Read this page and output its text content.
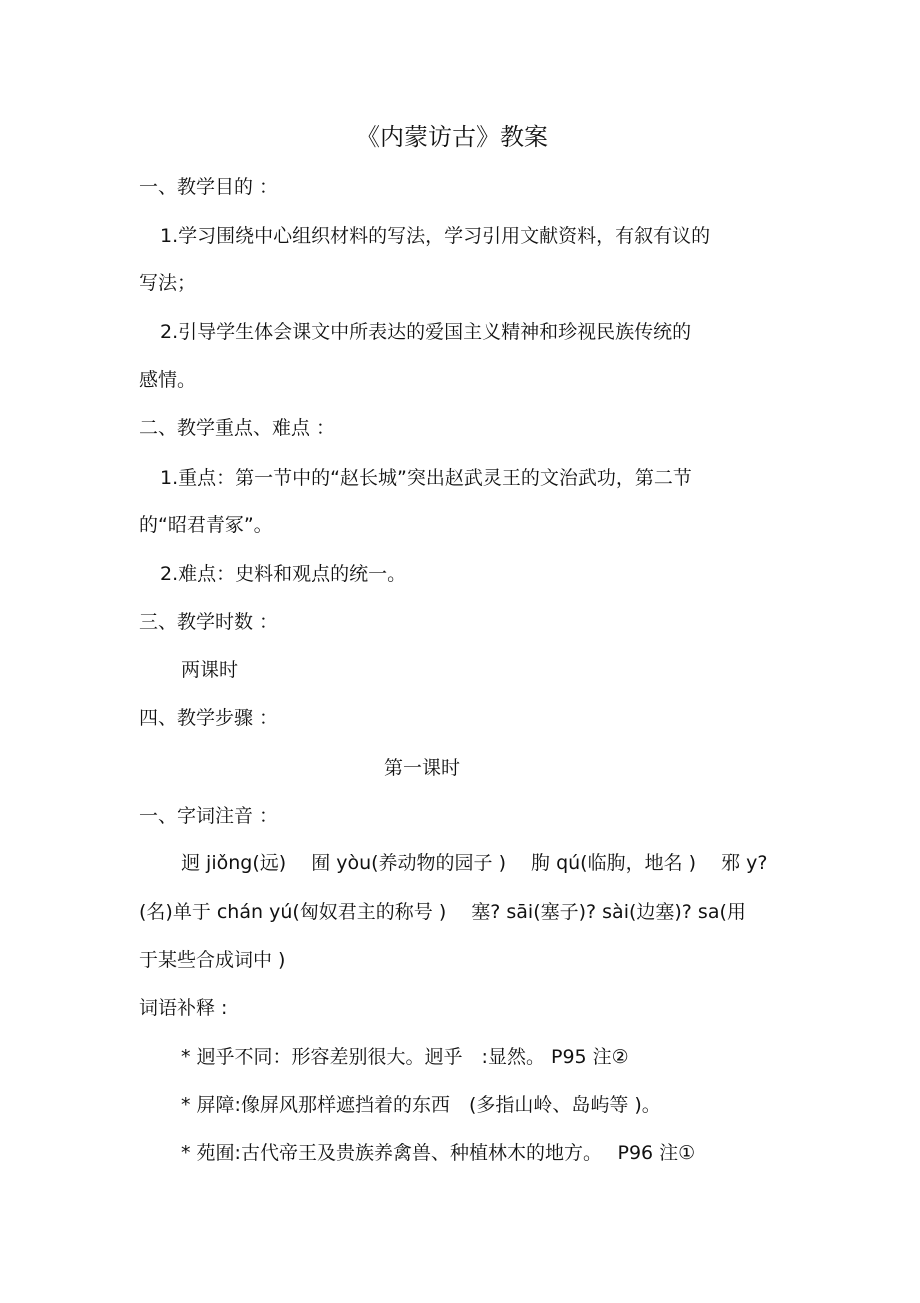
《内蒙访古》教案
一、教学目的 ：
1.学习围绕中心组织材料的写法，学习引用文献资料，有叙有议的
写法；
2.引导学生体会课文中所表达的爱国主义精神和珍视民族传统的
感情。
二、教学重点、难点 ：
1.重点：第一节中的“赵长城”突出赵武灵王的文治武功，第二节
的“昭君青冢”。
2.难点：史料和观点的统一。
三、教学时数 ：
两课时
四、教学步骤 ：
第一课时
一、字词注音 ：
迥 jiǒng(远)　 囿 yòu(养动物的园子 )　 朐 qú(临朐，地名 )　 邪 y?
(名)单于 chán yú(匈奴君主的称号 )　 塞? sāi(塞子)? sài(边塞)? sa(用
于某些合成词中 )
词语补释 :
* 迥乎不同：形容差别很大。迥乎　:显然。 P95 注②
* 屏障:像屏风那样遮挡着的东西　(多指山岭、岛屿等 )。
* 苑囿:古代帝王及贵族养禽兽、种植林木的地方。　 P96 注①
